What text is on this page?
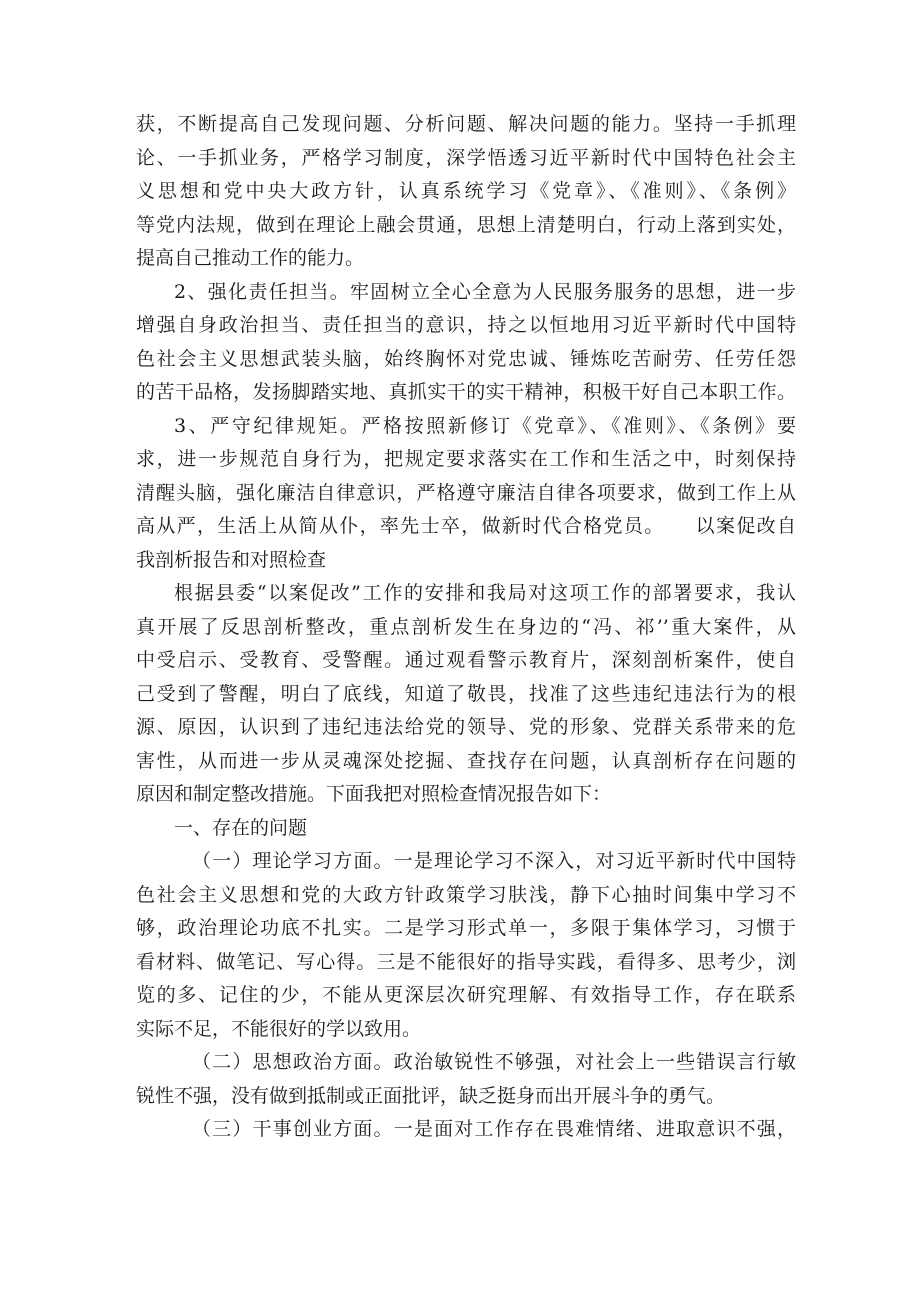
获，不断提高自己发现问题、分析问题、解决问题的能力。坚持一手抓理
论、一手抓业务，严格学习制度，深学悟透习近平新时代中国特色社会主
义思想和党中央大政方针，认真系统学习《党章》、《准则》、《条例》
等党内法规，做到在理论上融会贯通，思想上清楚明白，行动上落到实处，
提高自己推动工作的能力。
2、强化责任担当。牢固树立全心全意为人民服务服务的思想，进一步
增强自身政治担当、责任担当的意识，持之以恒地用习近平新时代中国特
色社会主义思想武装头脑，始终胸怀对党忠诚、锤炼吃苦耐劳、任劳任怨
的苦干品格，发扬脚踏实地、真抓实干的实干精神，积极干好自己本职工作。
3、严守纪律规矩。严格按照新修订《党章》、《准则》、《条例》要
求，进一步规范自身行为，把规定要求落实在工作和生活之中，时刻保持
清醒头脑，强化廉洁自律意识，严格遵守廉洁自律各项要求，做到工作上从
高从严，生活上从简从仆，率先士卒，做新时代合格党员。　　以案促改自
我剖析报告和对照检查
根据县委“以案促改”工作的安排和我局对这项工作的部署要求，我认
真开展了反思剖析整改，重点剖析发生在身边的“冯、祁’’重大案件，从
中受启示、受教育、受警醒。通过观看警示教育片，深刻剖析案件，使自
己受到了警醒，明白了底线，知道了敬畏，找准了这些违纪违法行为的根
源、原因，认识到了违纪违法给党的领导、党的形象、党群关系带来的危
害性，从而进一步从灵魂深处挖掘、查找存在问题，认真剖析存在问题的
原因和制定整改措施。下面我把对照检查情况报告如下：
一、存在的问题
（一）理论学习方面。一是理论学习不深入，对习近平新时代中国特
色社会主义思想和党的大政方针政策学习肤浅，静下心抽时间集中学习不
够，政治理论功底不扎实。二是学习形式单一，多限于集体学习，习惯于
看材料、做笔记、写心得。三是不能很好的指导实践，看得多、思考少，浏
览的多、记住的少，不能从更深层次研究理解、有效指导工作，存在联系
实际不足，不能很好的学以致用。
（二）思想政治方面。政治敏锐性不够强，对社会上一些错误言行敏
锐性不强，没有做到抵制或正面批评，缺乏挺身而出开展斗争的勇气。
（三）干事创业方面。一是面对工作存在畏难情绪、进取意识不强，
